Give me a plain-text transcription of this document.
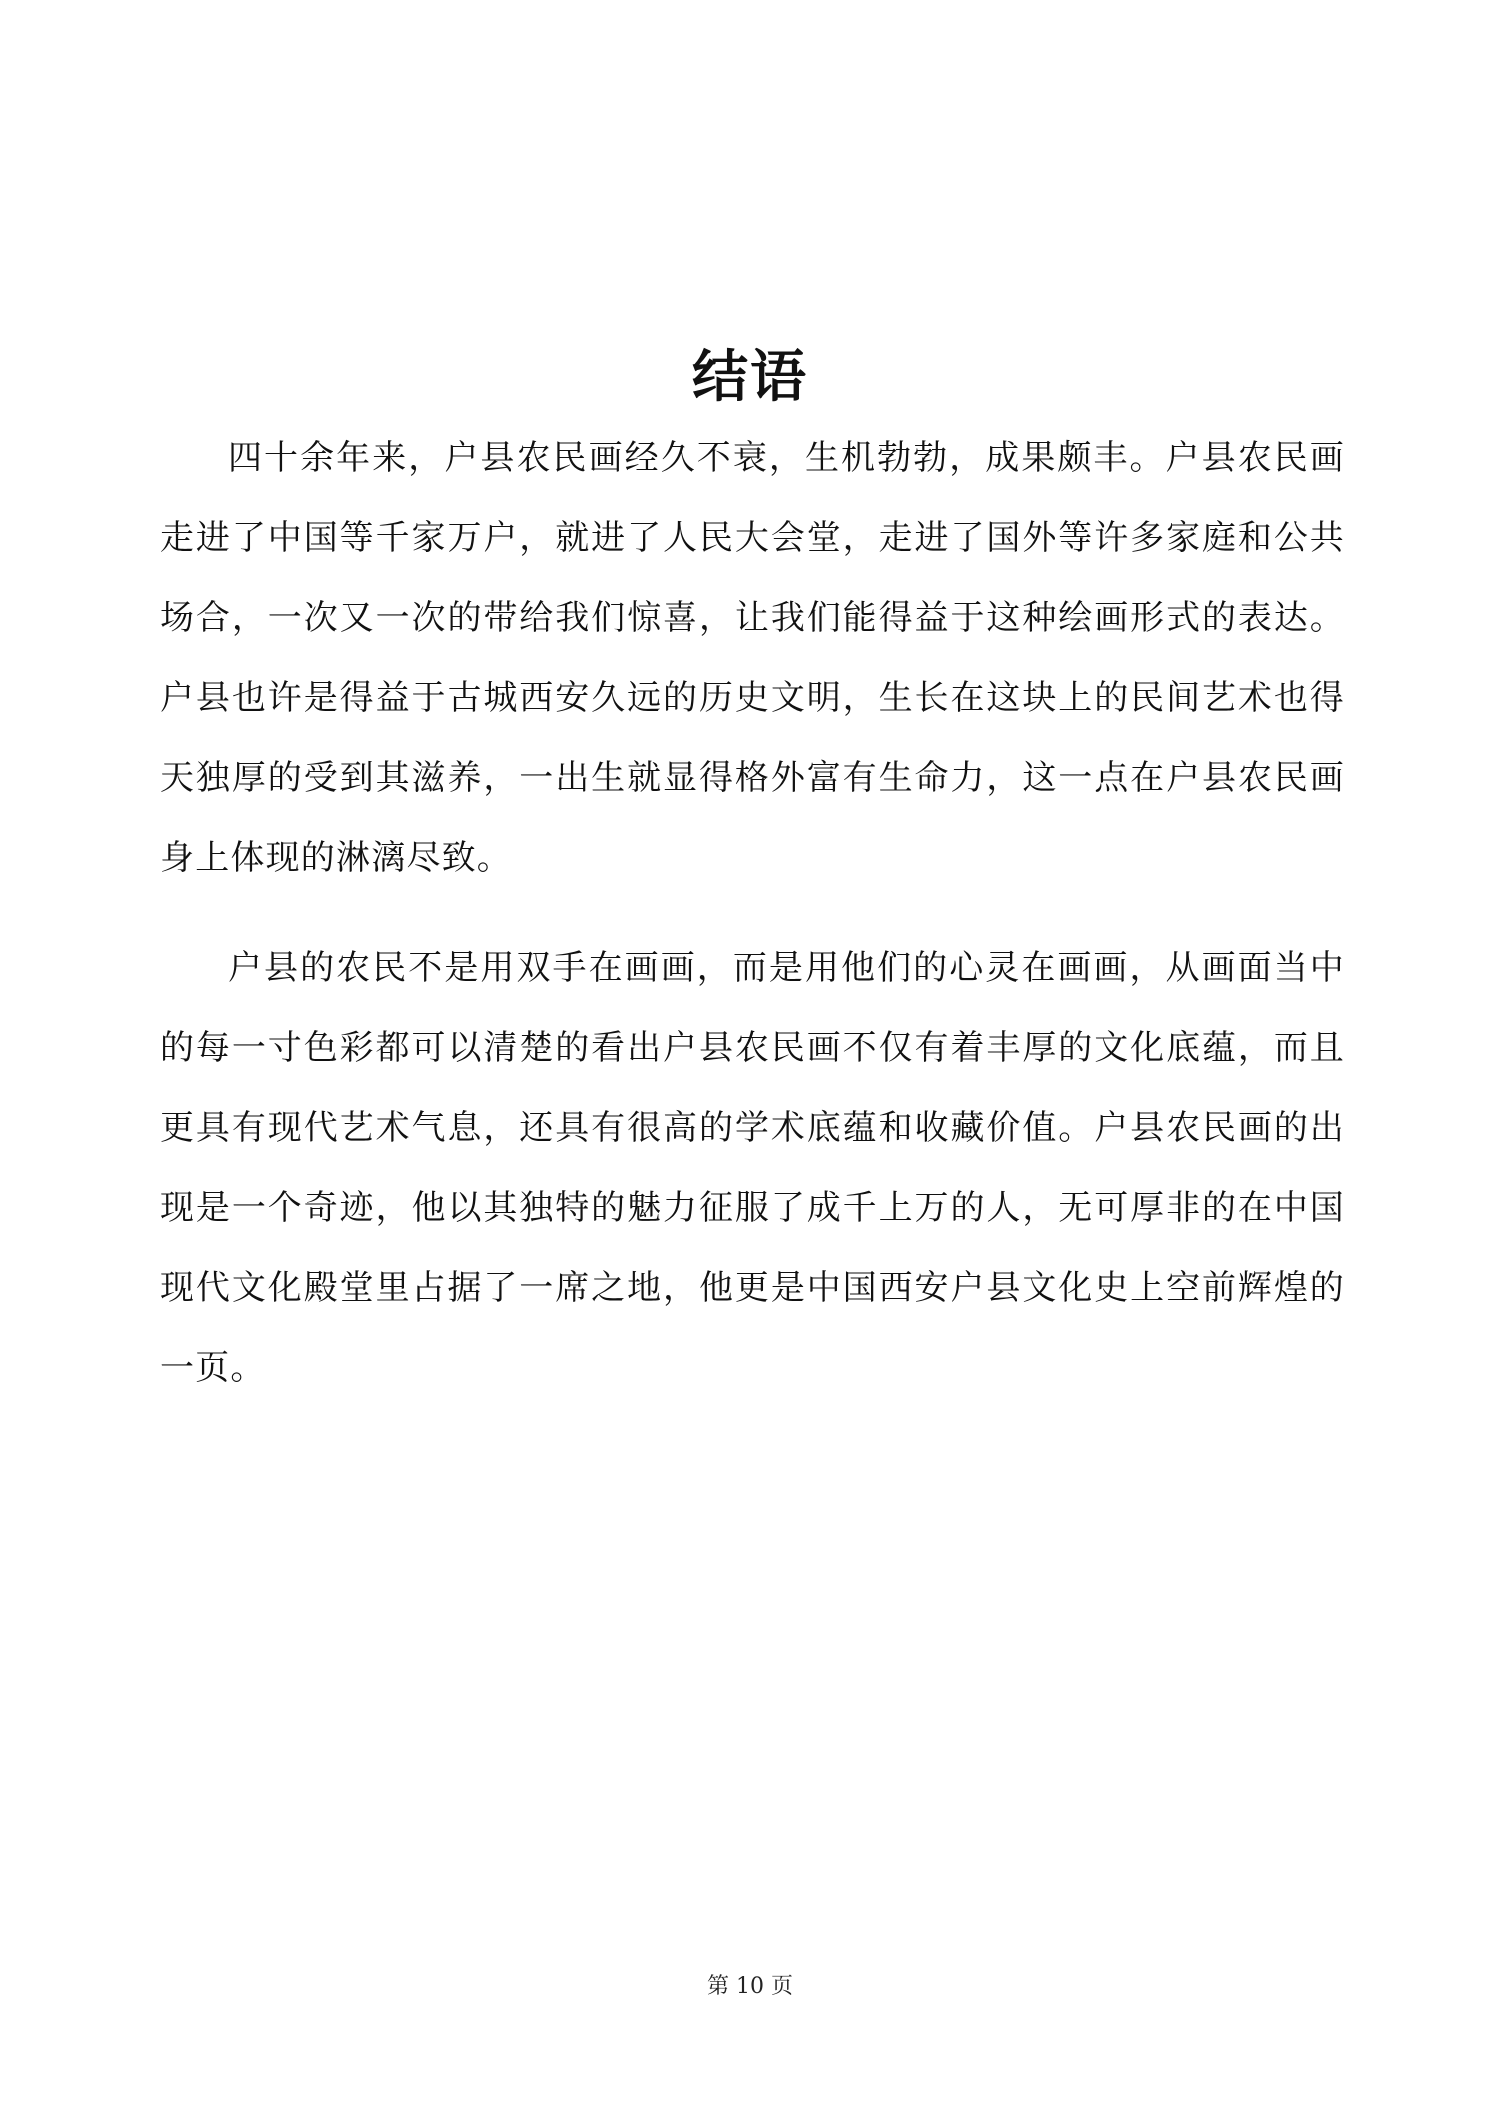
结语

四十余年来，户县农民画经久不衰，生机勃勃，成果颇丰。户县农民画走进了中国等千家万户，就进了人民大会堂，走进了国外等许多家庭和公共场合，一次又一次的带给我们惊喜，让我们能得益于这种绘画形式的表达。户县也许是得益于古城西安久远的历史文明，生长在这块上的民间艺术也得天独厚的受到其滋养，一出生就显得格外富有生命力，这一点在户县农民画身上体现的淋漓尽致。

户县的农民不是用双手在画画，而是用他们的心灵在画画，从画面当中的每一寸色彩都可以清楚的看出户县农民画不仅有着丰厚的文化底蕴，而且更具有现代艺术气息，还具有很高的学术底蕴和收藏价值。户县农民画的出现是一个奇迹，他以其独特的魅力征服了成千上万的人，无可厚非的在中国现代文化殿堂里占据了一席之地，他更是中国西安户县文化史上空前辉煌的一页。

第 10 页
